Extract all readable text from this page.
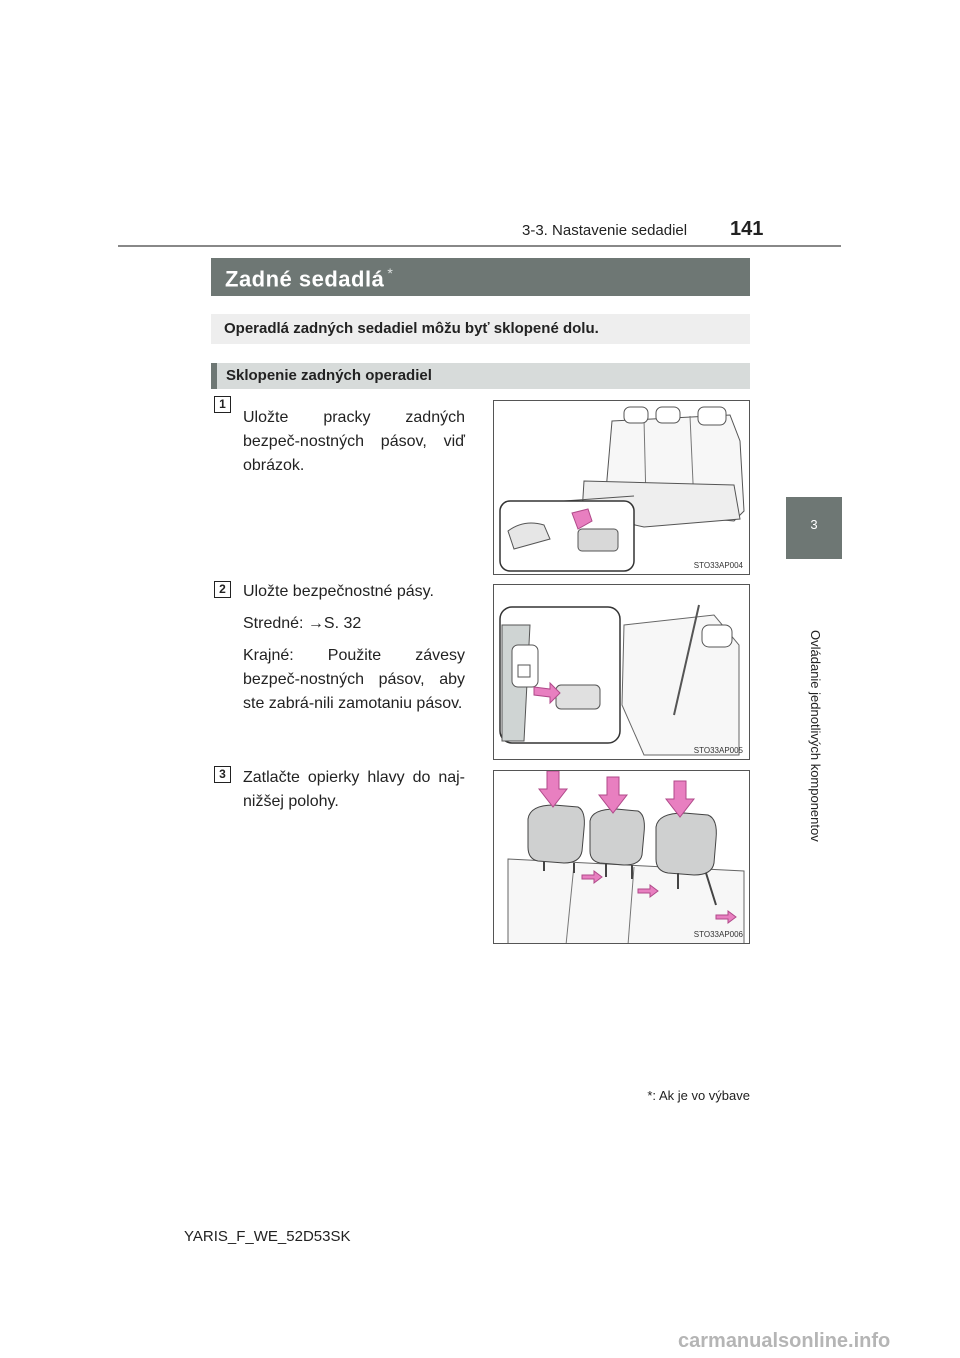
3-3. Nastavenie sedadiel 141
3
Ovládanie jednotlivých komponentov
Zadné sedadlá *
Operadlá zadných sedadiel môžu byť sklopené dolu.
Sklopenie zadných operadiel
1

Uložte pracky zadných bezpeč-nostných pásov, viď obrázok.

STO33AP004
2	Uložte bezpečnostné pásy.

Stredné: →S. 32

Krajné: Použite závesy bezpeč-nostných pásov, aby ste zabrá-nili zamotaniu pásov.

STO33AP005
3	Zatlačte opierky hlavy do naj-nižšej polohy.

STO33AP006
*: Ak je vo výbave
YARIS_F_WE_52D53SK
carmanualsonline.info
